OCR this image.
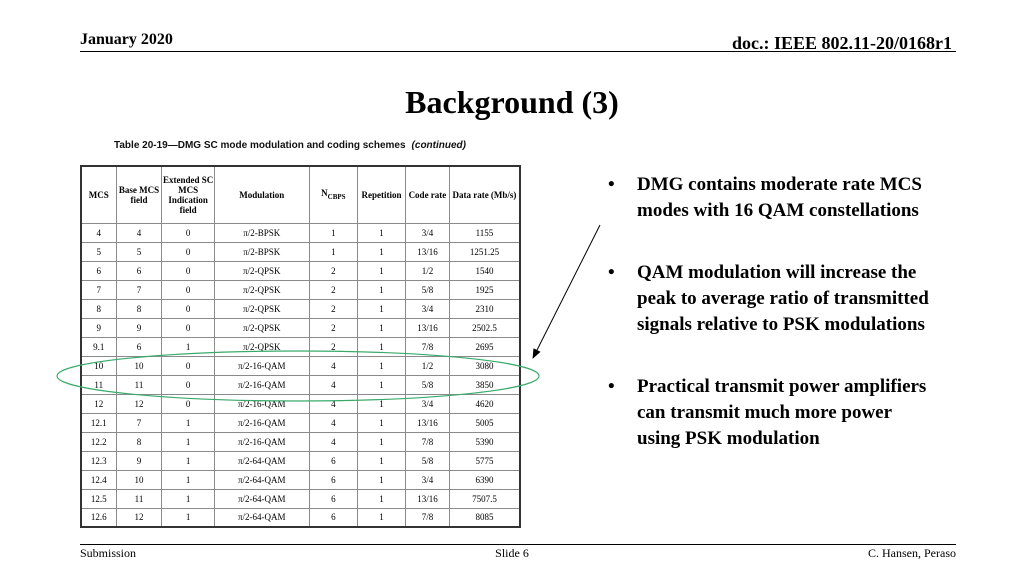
January 2020	doc.: IEEE 802.11-20/0168r1
Background (3)
Table 20-19—DMG SC mode modulation and coding schemes (continued)
MCS	Base MCS field	Extended SC MCS Indication field	Modulation	$N_{CBPS}$	Repetition	Code rate	Data rate (Mb/s)
4	4	0	π/2-BPSK	1	1	3/4	1155
5	5	0	π/2-BPSK	1	1	13/16	1251.25
6	6	0	π/2-QPSK	2	1	1/2	1540
7	7	0	π/2-QPSK	2	1	5/8	1925
8	8	0	π/2-QPSK	2	1	3/4	2310
9	9	0	π/2-QPSK	2	1	13/16	2502.5
9.1	6	1	π/2-QPSK	2	1	7/8	2695
10	10	0	π/2-16-QAM	4	1	1/2	3080
11	11	0	π/2-16-QAM	4	1	5/8	3850
12	12	0	π/2-16-QAM	4	1	3/4	4620
12.1	7	1	π/2-16-QAM	4	1	13/16	5005
12.2	8	1	π/2-16-QAM	4	1	7/8	5390
12.3	9	1	π/2-64-QAM	6	1	5/8	5775
12.4	10	1	π/2-64-QAM	6	1	3/4	6390
12.5	11	1	π/2-64-QAM	6	1	13/16	7507.5
12.6	12	1	π/2-64-QAM	6	1	7/8	8085
• DMG contains moderate rate MCS modes with 16 QAM constellations
• QAM modulation will increase the peak to average ratio of transmitted signals relative to PSK modulations
• Practical transmit power amplifiers can transmit much more power using PSK modulation
Submission	Slide 6	C. Hansen, Peraso
